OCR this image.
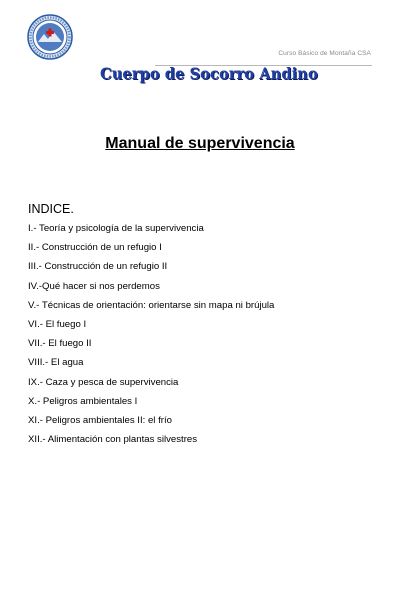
Curso Básico de Montaña CSA
Cuerpo de Socorro Andino
Manual de supervivencia
INDICE.
I.- Teoría y psicología de la supervivencia
II.- Construcción de un refugio I
III.- Construcción de un refugio II
IV.-Qué hacer si nos perdemos
V.- Técnicas de orientación: orientarse sin mapa ni brújula
VI.- El fuego I
VII.- El fuego II
VIII.- El agua
IX.- Caza y pesca de supervivencia
X.- Peligros ambientales I
XI.- Peligros ambientales II: el frío
XII.- Alimentación con plantas silvestres
